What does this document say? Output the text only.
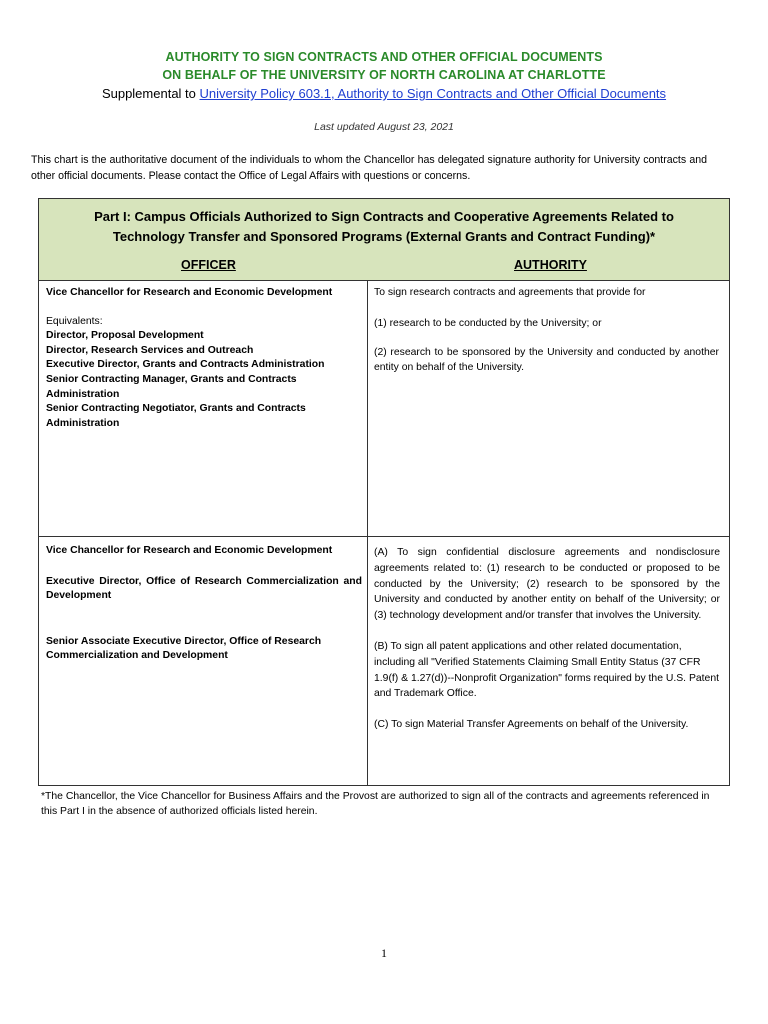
AUTHORITY TO SIGN CONTRACTS AND OTHER OFFICIAL DOCUMENTS
ON BEHALF OF THE UNIVERSITY OF NORTH CAROLINA AT CHARLOTTE
Supplemental to University Policy 603.1, Authority to Sign Contracts and Other Official Documents
Last updated August 23, 2021
This chart is the authoritative document of the individuals to whom the Chancellor has delegated signature authority for University contracts and other official documents. Please contact the Office of Legal Affairs with questions or concerns.
Part I: Campus Officials Authorized to Sign Contracts and Cooperative Agreements Related to
Technology Transfer and Sponsored Programs (External Grants and Contract Funding)*
OFFICER	AUTHORITY

Vice Chancellor for Research and Economic Development

Equivalents:

Director, Proposal Development

Director, Research Services and Outreach

Executive Director, Grants and Contracts Administration

Senior Contracting Manager, Grants and Contracts Administration

Senior Contracting Negotiator, Grants and Contracts Administration

To sign research contracts and agreements that provide for

(1) research to be conducted by the University; or

(2) research to be sponsored by the University and conducted by another entity on behalf of the University.

Vice Chancellor for Research and Economic Development

Executive Director, Office of Research Commercialization and Development

Senior Associate Executive Director, Office of Research Commercialization and Development

(A) To sign confidential disclosure agreements and nondisclosure agreements related to: (1) research to be conducted or proposed to be conducted by the University; (2) research to be sponsored by the University and conducted by another entity on behalf of the University; or (3) technology development and/or transfer that involves the University.

(B) To sign all patent applications and other related documentation, including all "Verified Statements Claiming Small Entity Status (37 CFR 1.9(f) & 1.27(d))--Nonprofit Organization" forms required by the U.S. Patent and Trademark Office.

(C) To sign Material Transfer Agreements on behalf of the University.

*The Chancellor, the Vice Chancellor for Business Affairs and the Provost are authorized to sign all of the contracts and agreements referenced in this Part I in the absence of authorized officials listed herein.
1
